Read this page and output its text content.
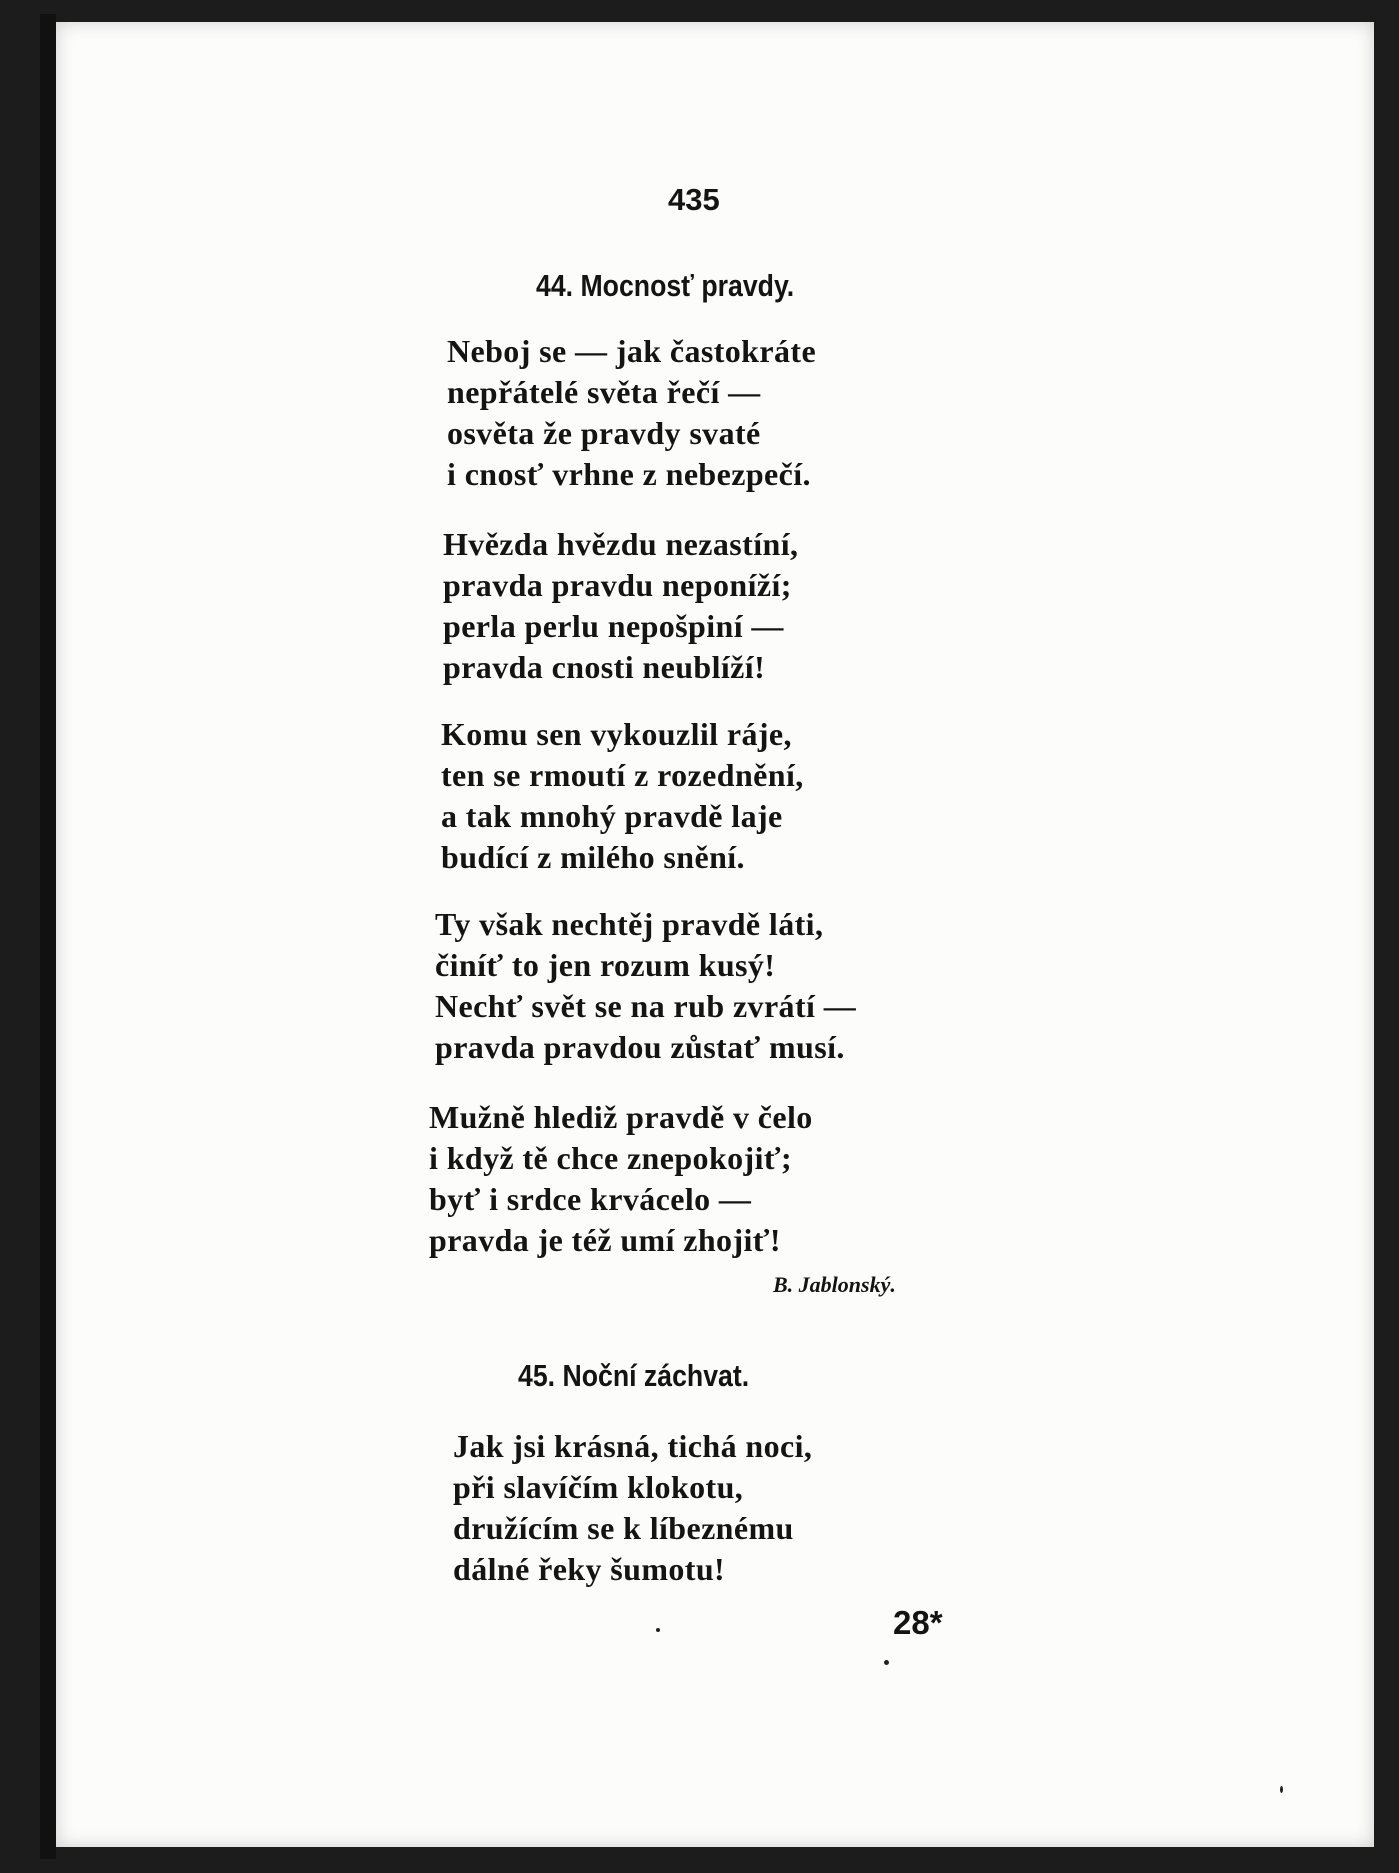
435
44. Mocnosť pravdy.
Neboj se — jak častokráte
nepřátelé světa řečí —
osvěta že pravdy svaté
i cnosť vrhne z nebezpečí.
Hvězda hvězdu nezastíní,
pravda pravdu neponíží;
perla perlu nepošpiní —
pravda cnosti neublíží!
Komu sen vykouzlil ráje,
ten se rmoutí z rozednění,
a tak mnohý pravdě laje
budící z milého snění.
Ty však nechtěj pravdě láti,
činíť to jen rozum kusý!
Nechť svět se na rub zvrátí —
pravda pravdou zůstať musí.
Mužně hlediž pravdě v čelo
i když tě chce znepokojiť;
byť i srdce krvácelo —
pravda je též umí zhojiť!
B. Jablonský.
45. Noční záchvat.
Jak jsi krásná, tichá noci,
při slavíčím klokotu,
družícím se k líbeznému
dálné řeky šumotu!
28*
